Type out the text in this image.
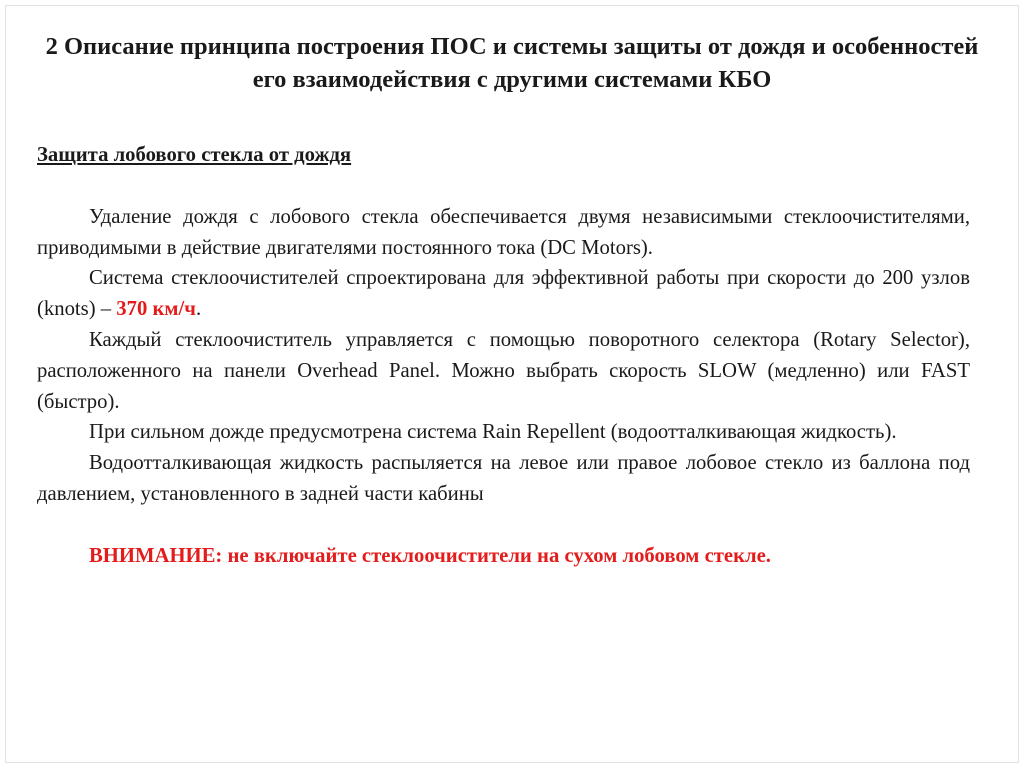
2 Описание принципа построения ПОС и системы защиты от дождя и особенностей его взаимодействия с другими системами КБО

Защита лобового стекла от дождя

Удаление дождя с лобового стекла обеспечивается двумя независимыми стеклоочистителями, приводимыми в действие двигателями постоянного тока (DC Motors).

Система стеклоочистителей спроектирована для эффективной работы при скорости до 200 узлов (knots) – 370 км/ч.

Каждый стеклоочиститель управляется с помощью поворотного селектора (Rotary Selector), расположенного на панели Overhead Panel. Можно выбрать скорость SLOW (медленно) или FAST (быстро).

При сильном дожде предусмотрена система Rain Repellent (водоотталкивающая жидкость).

Водоотталкивающая жидкость распыляется на левое или правое лобовое стекло из баллона под давлением, установленного в задней части кабины

ВНИМАНИЕ: не включайте стеклоочистители на сухом лобовом стекле.
